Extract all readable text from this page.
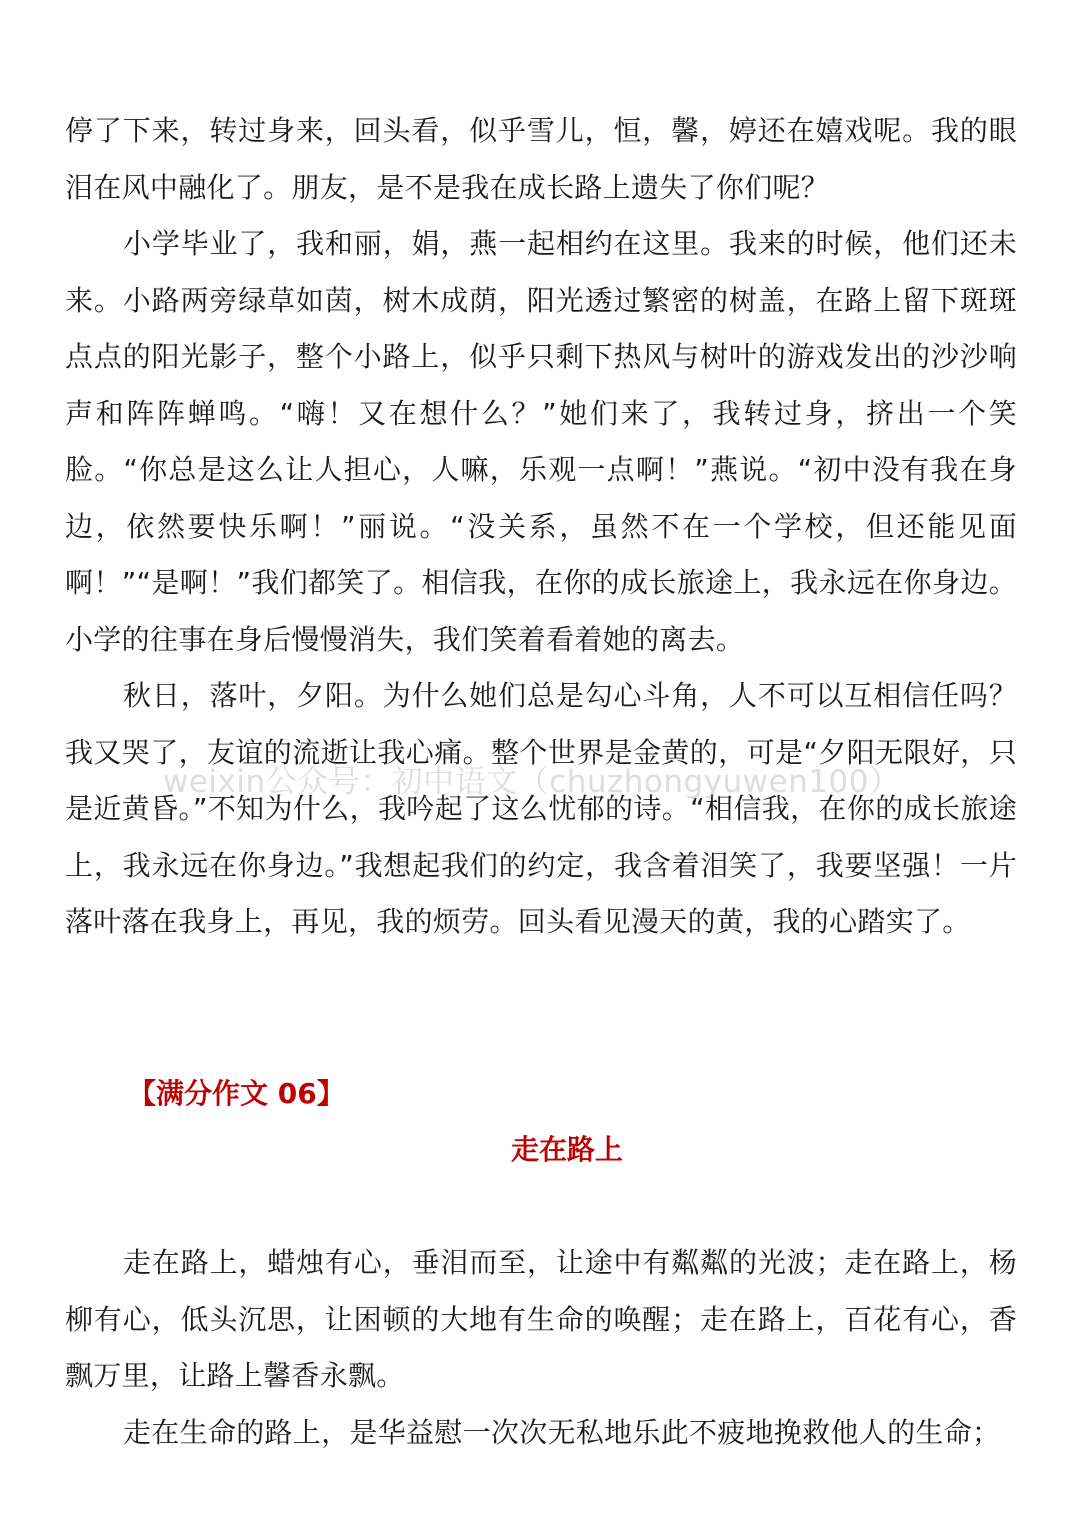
停了下来，转过身来，回头看，似乎雪儿，恒，馨，婷还在嬉戏呢。我的眼泪在风中融化了。朋友，是不是我在成长路上遗失了你们呢？

小学毕业了，我和丽，娟，燕一起相约在这里。我来的时候，他们还未来。小路两旁绿草如茵，树木成荫，阳光透过繁密的树盖，在路上留下斑斑点点的阳光影子，整个小路上，似乎只剩下热风与树叶的游戏发出的沙沙响声和阵阵蝉鸣。“嗨！又在想什么？”她们来了，我转过身，挤出一个笑脸。“你总是这么让人担心，人嘛，乐观一点啊！”燕说。“初中没有我在身边，依然要快乐啊！”丽说。“没关系，虽然不在一个学校，但还能见面啊！”“是啊！”我们都笑了。相信我，在你的成长旅途上，我永远在你身边。小学的往事在身后慢慢消失，我们笑着看着她的离去。

秋日，落叶，夕阳。为什么她们总是勾心斗角，人不可以互相信任吗？我又哭了，友谊的流逝让我心痛。整个世界是金黄的，可是“夕阳无限好，只是近黄昏。”不知为什么，我吟起了这么忧郁的诗。“相信我，在你的成长旅途上，我永远在你身边。”我想起我们的约定，我含着泪笑了，我要坚强！一片落叶落在我身上，再见，我的烦劳。回头看见漫天的黄，我的心踏实了。

weixin公众号：初中语文（chuzhongyuwen100）
【满分作文 06】
走在路上

走在路上，蜡烛有心，垂泪而至，让途中有粼粼的光波；走在路上，杨柳有心，低头沉思，让困顿的大地有生命的唤醒；走在路上，百花有心，香飘万里，让路上馨香永飘。

走在生命的路上，是华益慰一次次无私地乐此不疲地挽救他人的生命；
